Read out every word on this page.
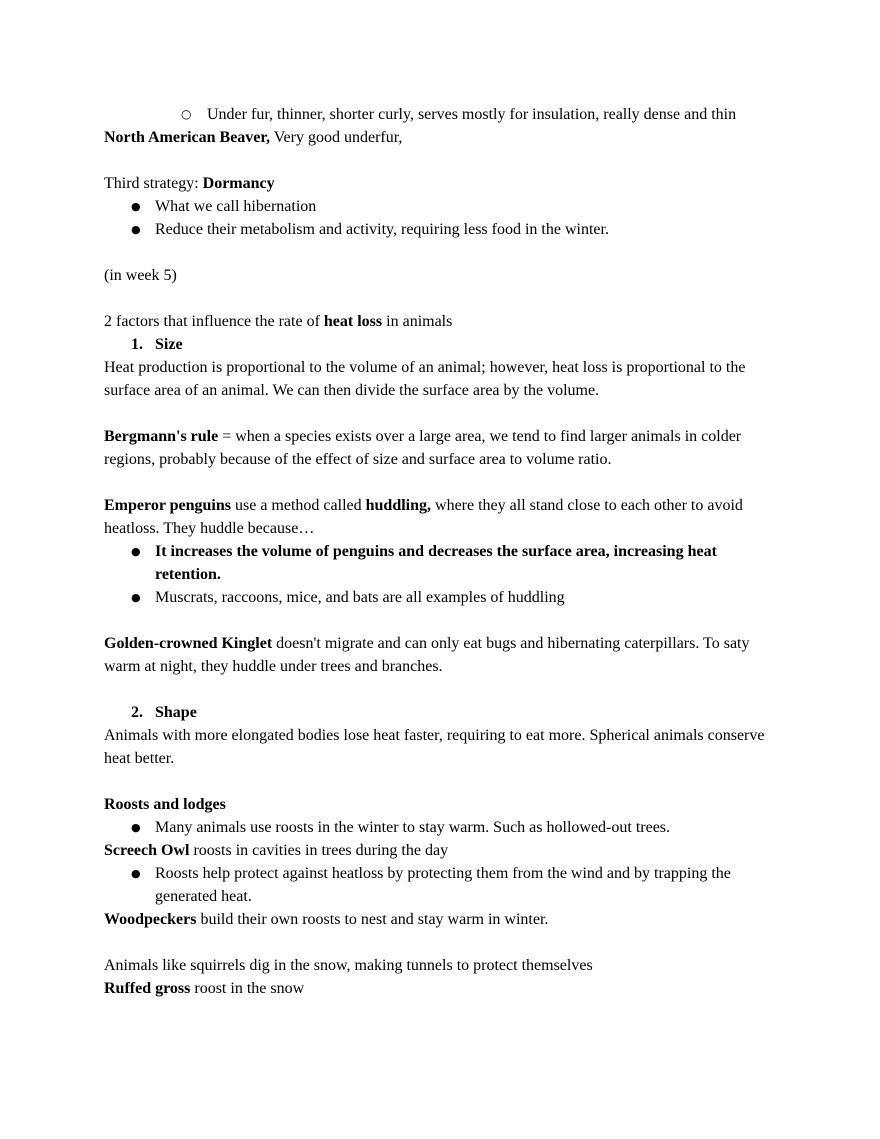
○ Under fur, thinner, shorter curly, serves mostly for insulation, really dense and thin

North American Beaver, Very good underfur,

Third strategy: Dormancy

● What we call hibernation
● Reduce their metabolism and activity, requiring less food in the winter.

(in week 5)

2 factors that influence the rate of heat loss in animals

1. Size

Heat production is proportional to the volume of an animal; however, heat loss is proportional to the surface area of an animal. We can then divide the surface area by the volume.

Bergmann's rule = when a species exists over a large area, we tend to find larger animals in colder regions, probably because of the effect of size and surface area to volume ratio.

Emperor penguins use a method called huddling, where they all stand close to each other to avoid heatloss. They huddle because…

● It increases the volume of penguins and decreases the surface area, increasing heat retention.
● Muscrats, raccoons, mice, and bats are all examples of huddling

Golden-crowned Kinglet doesn't migrate and can only eat bugs and hibernating caterpillars. To saty warm at night, they huddle under trees and branches.

2. Shape

Animals with more elongated bodies lose heat faster, requiring to eat more. Spherical animals conserve heat better.

Roosts and lodges

● Many animals use roosts in the winter to stay warm. Such as hollowed-out trees.

Screech Owl roosts in cavities in trees during the day

● Roosts help protect against heatloss by protecting them from the wind and by trapping the generated heat.

Woodpeckers build their own roosts to nest and stay warm in winter.

Animals like squirrels dig in the snow, making tunnels to protect themselves

Ruffed gross roost in the snow
